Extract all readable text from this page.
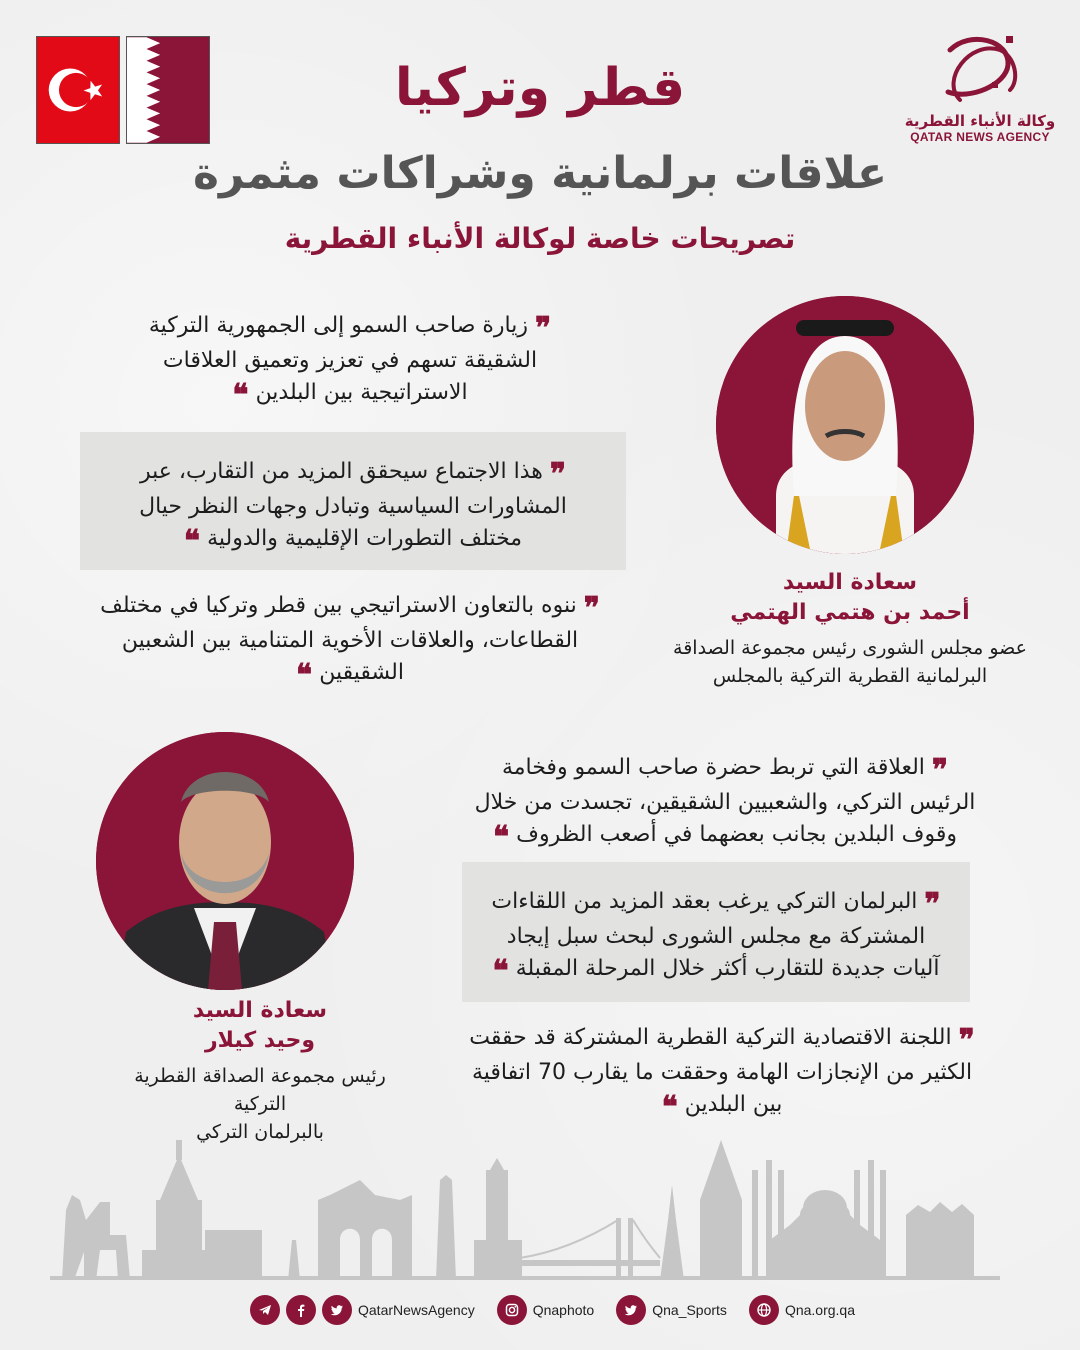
قطر وتركيا
علاقات برلمانية وشراكات مثمرة
تصريحات خاصة لوكالة الأنباء القطرية
وكالة الأنباء القطرية
QATAR NEWS AGENCY
❞ زيارة صاحب السمو إلى الجمهورية التركية الشقيقة تسهم في تعزيز وتعميق العلاقات الاستراتيجية بين البلدين ❝
❞ هذا الاجتماع سيحقق المزيد من التقارب، عبر المشاورات السياسية وتبادل وجهات النظر حيال مختلف التطورات الإقليمية والدولية ❝
❞ ننوه بالتعاون الاستراتيجي بين قطر وتركيا في مختلف القطاعات، والعلاقات الأخوية المتنامية بين الشعبين الشقيقين ❝
سعادة السيد
أحمد بن هتمي الهتمي
عضو مجلس الشورى رئيس مجموعة الصداقة
البرلمانية القطرية التركية بالمجلس
سعادة السيد
وحيد كيلار
رئيس مجموعة الصداقة القطرية التركية
بالبرلمان التركي
❞ العلاقة التي تربط حضرة صاحب السمو وفخامة الرئيس التركي، والشعبيين الشقيقين، تجسدت من خلال وقوف البلدين بجانب بعضهما في أصعب الظروف ❝
❞ البرلمان التركي يرغب بعقد المزيد من اللقاءات المشتركة مع مجلس الشورى لبحث سبل إيجاد آليات جديدة للتقارب أكثر خلال المرحلة المقبلة ❝
❞ اللجنة الاقتصادية التركية القطرية المشتركة قد حققت الكثير من الإنجازات الهامة وحققت ما يقارب 70 اتفاقية بين البلدين ❝
QatarNewsAgency	Qnaphoto	Qna_Sports	Qna.org.qa
